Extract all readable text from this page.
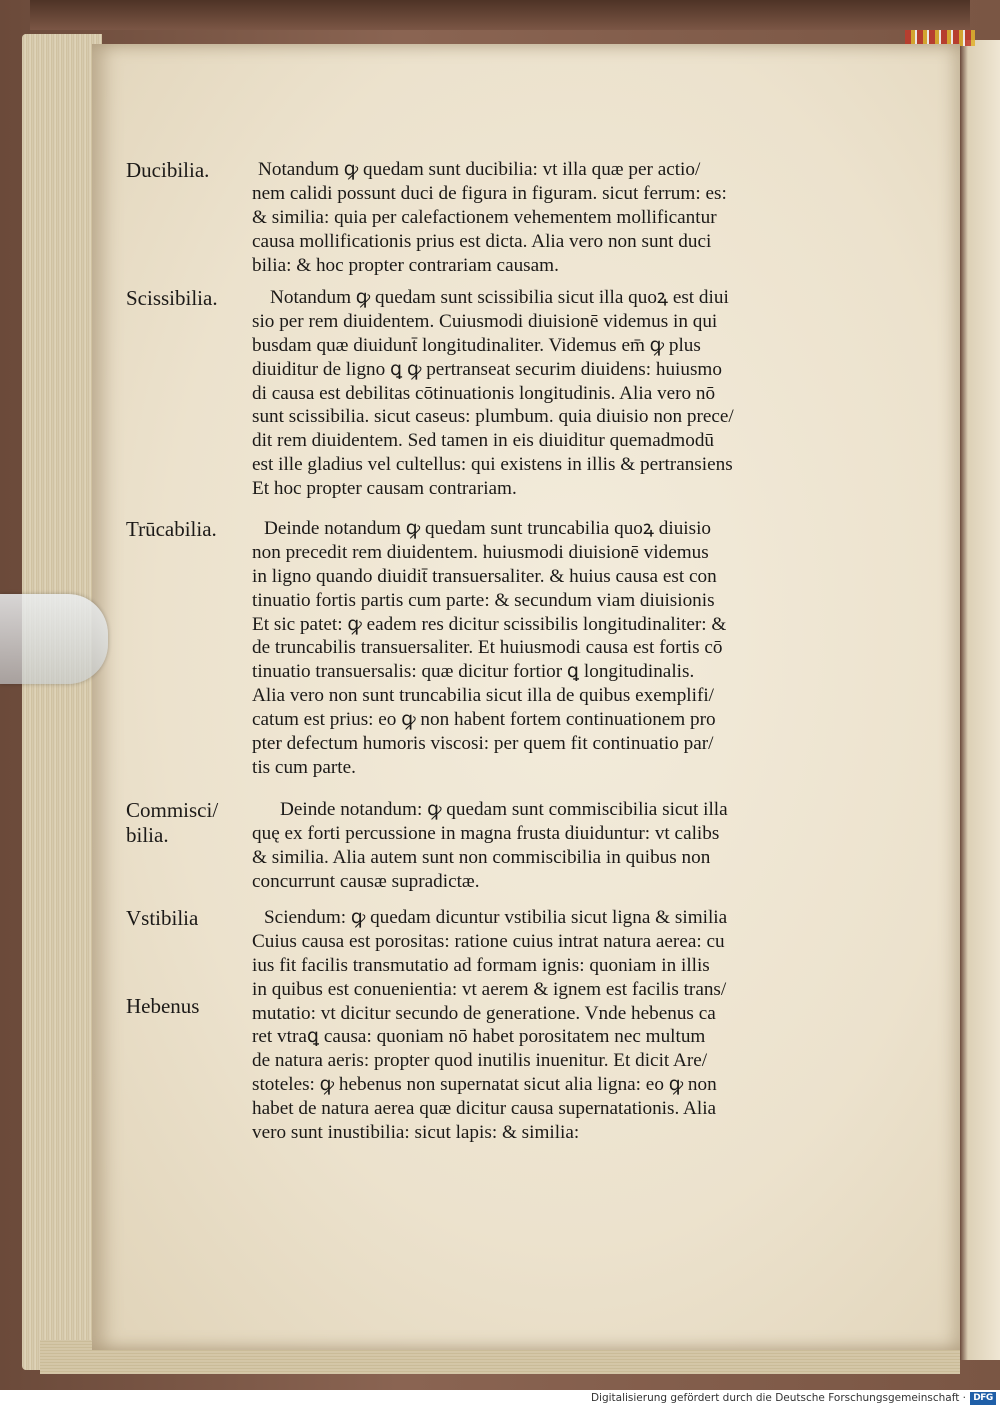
Ducibilia.
Scissibilia.
Trūcabilia.
Commisci/
bilia.
Vstibilia
Hebenus
Notandum ꝙ quedam sunt ducibilia: vt illa quæ per actio/
nem calidi possunt duci de figura in figuram. sicut ferrum: es:
& similia: quia per calefactionem vehementem mollificantur
causa mollificationis prius est dicta. Alia vero non sunt duci
bilia: & hoc propter contrariam causam.
Notandum ꝙ quedam sunt scissibilia sicut illa quoꝝ est diui
sio per rem diuidentem. Cuiusmodi diuisionē videmus in qui
busdam quæ diuidunt̄ longitudinaliter. Videmus em̄ ꝙ plus
diuiditur de ligno ꝗ ꝙ pertranseat securim diuidens: huiusmo
di causa est debilitas cōtinuationis longitudinis. Alia vero nō
sunt scissibilia. sicut caseus: plumbum. quia diuisio non prece/
dit rem diuidentem. Sed tamen in eis diuiditur quemadmodū
est ille gladius vel cultellus: qui existens in illis & pertransiens
Et hoc propter causam contrariam.
Deinde notandum ꝙ quedam sunt truncabilia quoꝝ diuisio
non precedit rem diuidentem. huiusmodi diuisionē videmus
in ligno quando diuidit̄ transuersaliter. & huius causa est con
tinuatio fortis partis cum parte: & secundum viam diuisionis
Et sic patet: ꝙ eadem res dicitur scissibilis longitudinaliter: &
de truncabilis transuersaliter. Et huiusmodi causa est fortis cō
tinuatio transuersalis: quæ dicitur fortior ꝗ longitudinalis.
Alia vero non sunt truncabilia sicut illa de quibus exemplifi/
catum est prius: eo ꝙ non habent fortem continuationem pro
pter defectum humoris viscosi: per quem fit continuatio par/
tis cum parte.
Deinde notandum: ꝙ quedam sunt commiscibilia sicut illa
quę ex forti percussione in magna frusta diuiduntur: vt calibs
& similia. Alia autem sunt non commiscibilia in quibus non
concurrunt causæ supradictæ.
Sciendum: ꝙ quedam dicuntur vstibilia sicut ligna & similia
Cuius causa est porositas: ratione cuius intrat natura aerea: cu
ius fit facilis transmutatio ad formam ignis: quoniam in illis
in quibus est conuenientia: vt aerem & ignem est facilis trans/
mutatio: vt dicitur secundo de generatione. Vnde hebenus ca
ret vtraꝗ causa: quoniam nō habet porositatem nec multum
de natura aeris: propter quod inutilis inuenitur. Et dicit Are/
stoteles: ꝙ hebenus non supernatat sicut alia ligna: eo ꝙ non
habet de natura aerea quæ dicitur causa supernatationis. Alia
vero sunt inustibilia: sicut lapis: & similia:
Digitalisierung gefördert durch die Deutsche Forschungsgemeinschaft · DFG
